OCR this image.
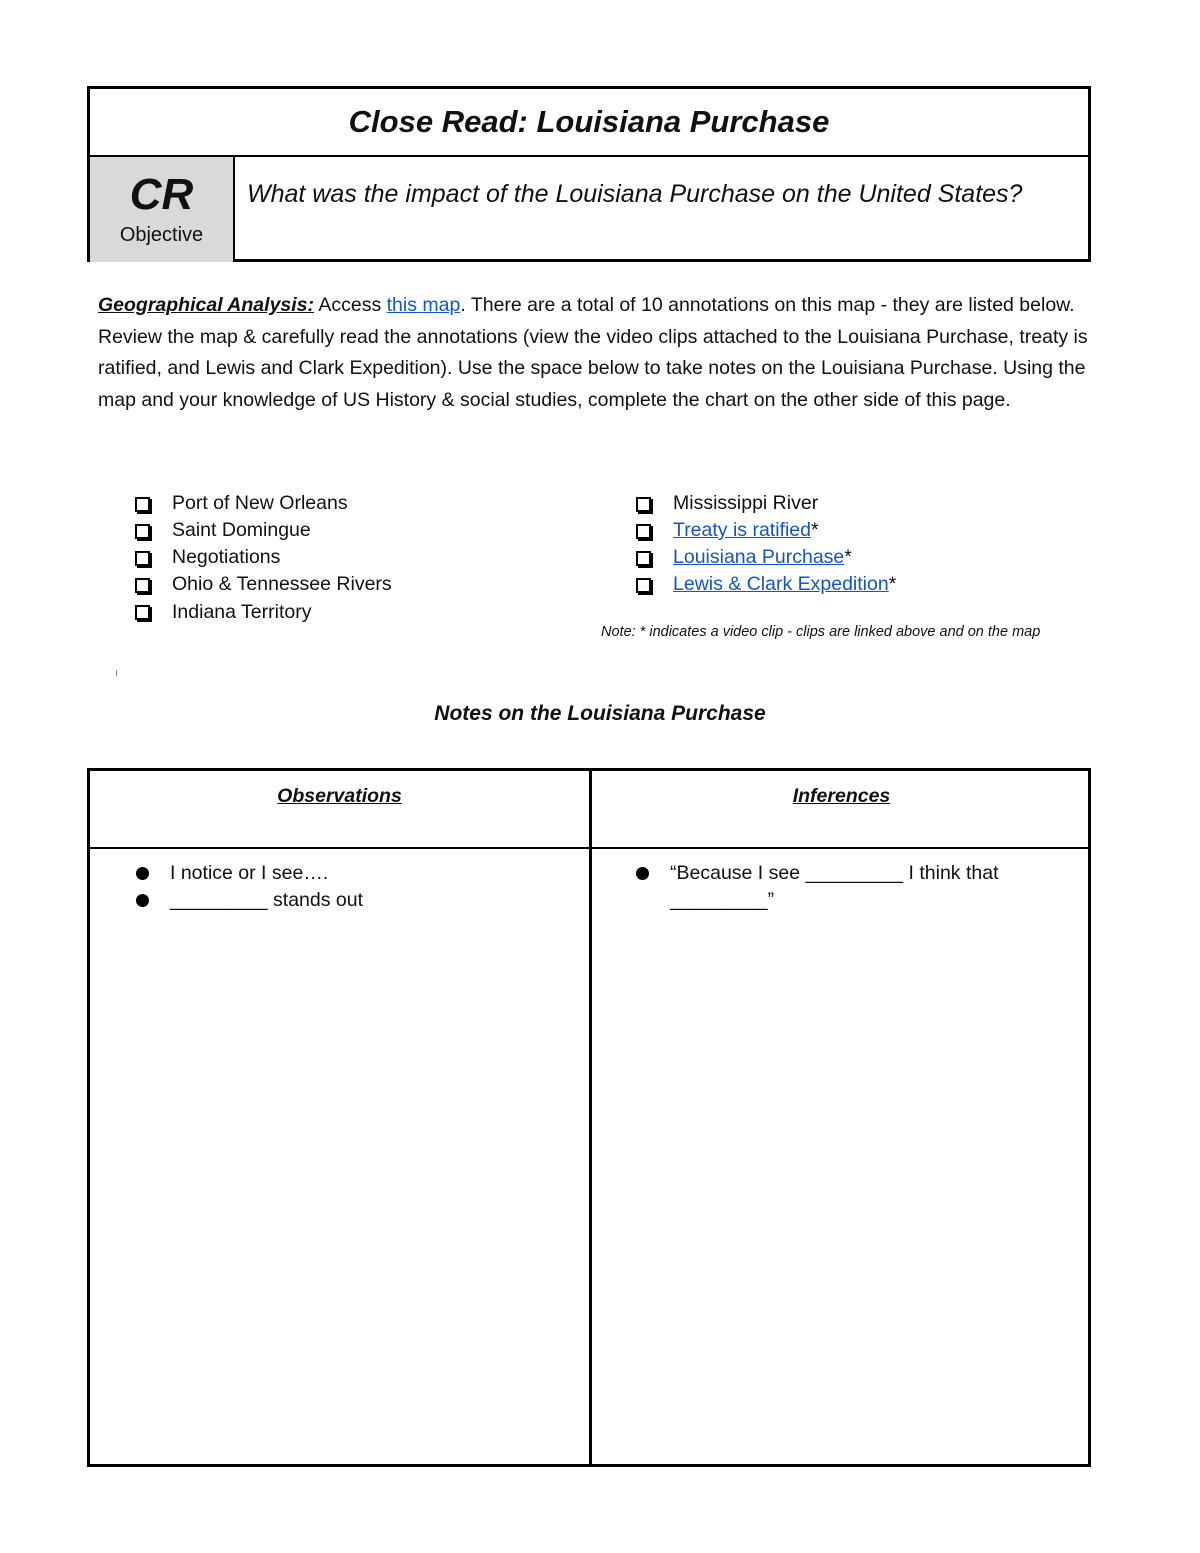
Close Read: Louisiana Purchase
CR
Objective
What was the impact of the Louisiana Purchase on the United States?
Geographical Analysis: Access this map. There are a total of 10 annotations on this map - they are listed below. Review the map & carefully read the annotations (view the video clips attached to the Louisiana Purchase, treaty is ratified, and Lewis and Clark Expedition). Use the space below to take notes on the Louisiana Purchase. Using the map and your knowledge of US History & social studies, complete the chart on the other side of this page.
Port of New Orleans
Saint Domingue
Negotiations
Ohio & Tennessee Rivers
Indiana Territory
Mississippi River
Treaty is ratified *
Louisiana Purchase *
Lewis & Clark Expedition *
Note: * indicates a video clip - clips are linked above and on the map
Notes on the Louisiana Purchase
Observations	Inferences
I notice or I see….
_________ stands out
“Because I see _________ I think that _________”
